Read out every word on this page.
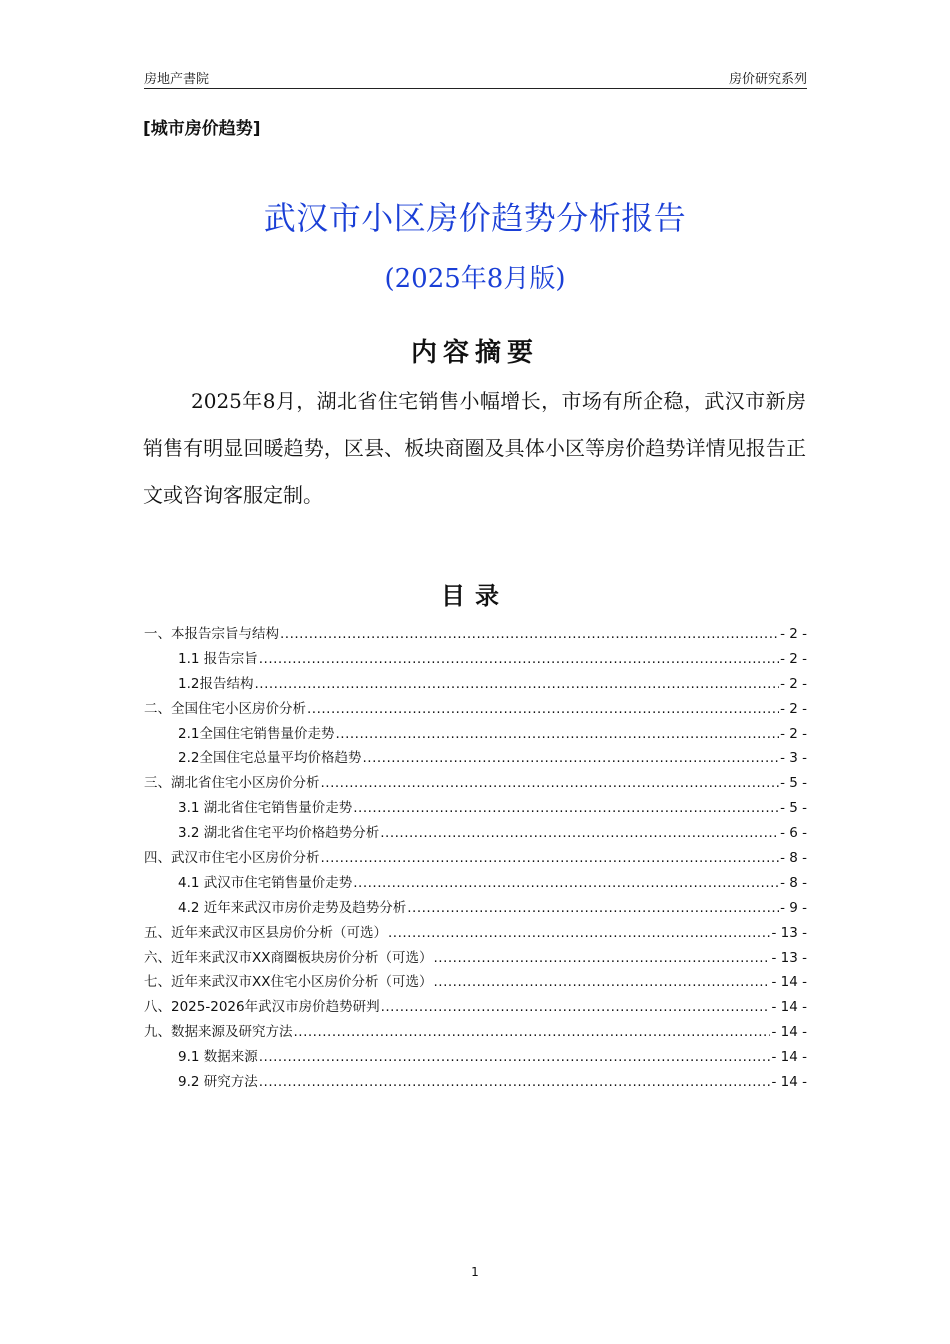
房地产書院	房价研究系列
[城市房价趋势]
武汉市小区房价趋势分析报告
(2025年8月版)
内容摘要

2025年8月，湖北省住宅销售小幅增长，市场有所企稳，武汉市新房销售有明显回暖趋势，区县、板块商圈及具体小区等房价趋势详情见报告正文或咨询客服定制。

目录
一、本报告宗旨与结构 .....	- 2 -
1.1 报告宗旨 .....	- 2 -
1.2报告结构 .....	- 2 -
二、全国住宅小区房价分析 .....	- 2 -
2.1全国住宅销售量价走势 .....	- 2 -
2.2全国住宅总量平均价格趋势 .....	- 3 -
三、湖北省住宅小区房价分析 .....	- 5 -
3.1 湖北省住宅销售量价走势 .....	- 5 -
3.2 湖北省住宅平均价格趋势分析 .....	- 6 -
四、武汉市住宅小区房价分析 .....	- 8 -
4.1 武汉市住宅销售量价走势 .....	- 8 -
4.2 近年来武汉市房价走势及趋势分析 .....	- 9 -
五、近年来武汉市区县房价分析（可选） .....	- 13 -
六、近年来武汉市XX商圈板块房价分析（可选） .....	- 13 -
七、近年来武汉市XX住宅小区房价分析（可选） .....	- 14 -
八、2025-2026年武汉市房价趋势研判 .....	- 14 -
九、数据来源及研究方法 .....	- 14 -
9.1 数据来源 .....	- 14 -
9.2 研究方法 .....	- 14 -
1
